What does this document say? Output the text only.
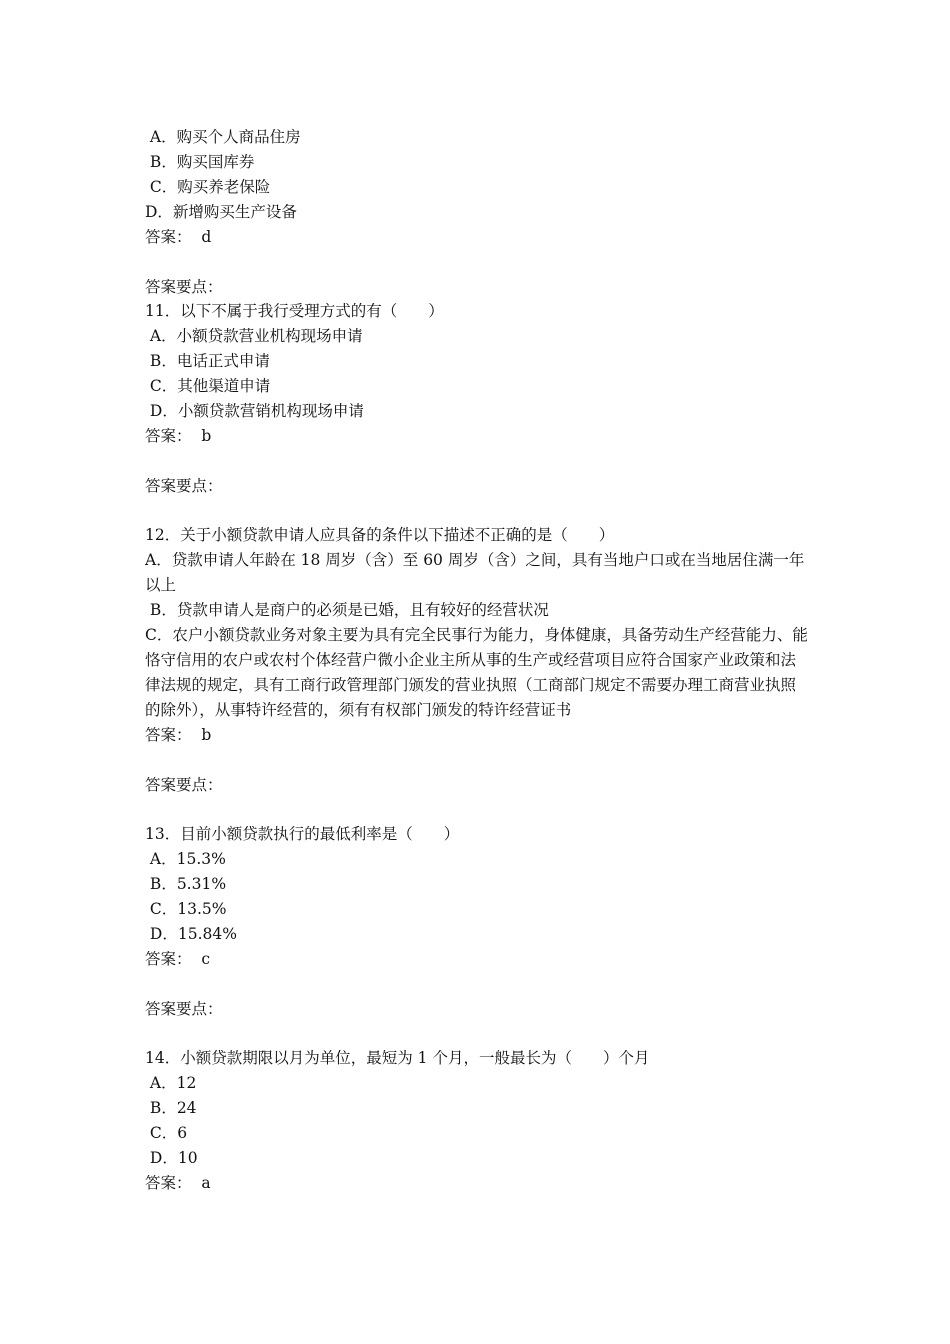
A．购买个人商品住房
B．购买国库券
C．购买养老保险
D．新增购买生产设备
答案：  d
答案要点：
11．以下不属于我行受理方式的有（　　）
A．小额贷款营业机构现场申请
B．电话正式申请
C．其他渠道申请
D．小额贷款营销机构现场申请
答案：  b
答案要点：
12．关于小额贷款申请人应具备的条件以下描述不正确的是（　　）
A．贷款申请人年龄在 18 周岁（含）至 60 周岁（含）之间，具有当地户口或在当地居住满一年以上
B．贷款申请人是商户的必须是已婚，且有较好的经营状况
C．农户小额贷款业务对象主要为具有完全民事行为能力，身体健康，具备劳动生产经营能力、能恪守信用的农户或农村个体经营户微小企业主所从事的生产或经营项目应符合国家产业政策和法律法规的规定，具有工商行政管理部门颁发的营业执照（工商部门规定不需要办理工商营业执照的除外），从事特许经营的，须有有权部门颁发的特许经营证书
答案：  b
答案要点：
13．目前小额贷款执行的最低利率是（　　）
A．15.3%
B．5.31%
C．13.5%
D．15.84%
答案：  c
答案要点：
14．小额贷款期限以月为单位，最短为 1 个月，一般最长为（　　）个月
A．12
B．24
C．6
D．10
答案：  a
